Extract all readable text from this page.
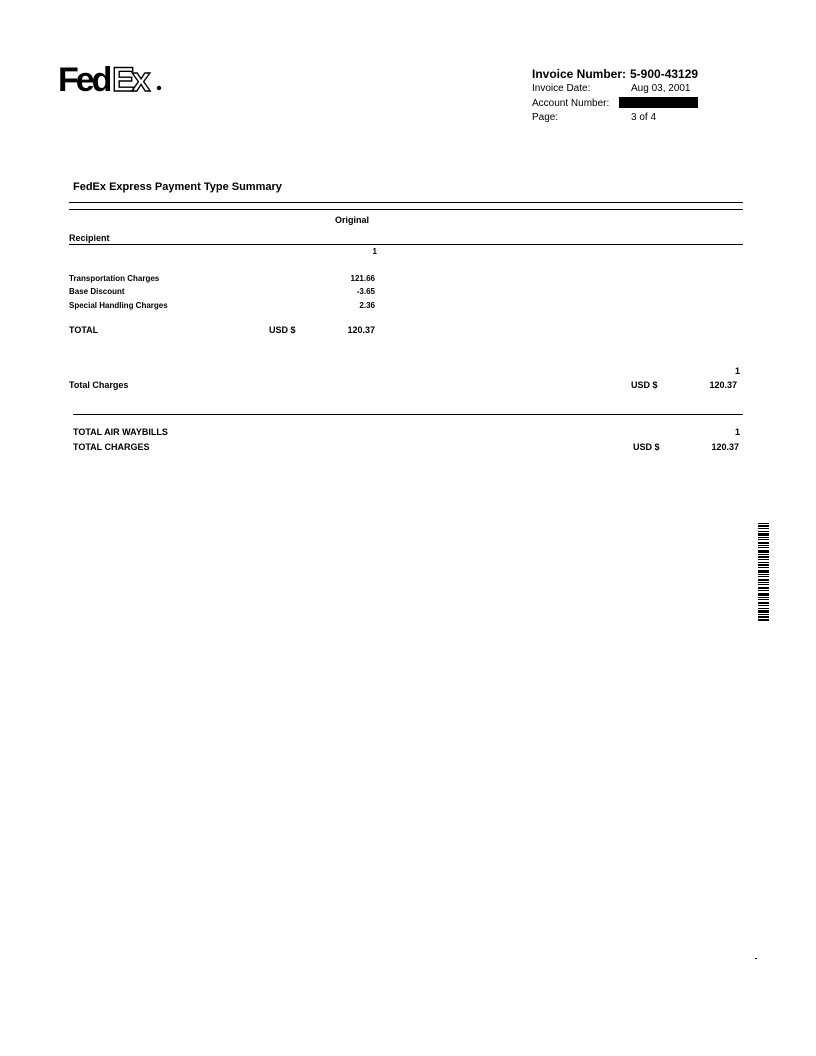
Fed Ex	Invoice Number: 5-900-43129
Invoice Date:	Aug 03, 2001
Account Number:
Page:	3 of 4
FedEx Express Payment Type Summary
Original
Recipient
1
Transportation Charges	121.66
Base Discount	-3.65
Special Handling Charges	2.36
TOTAL	USD $	120.37
1
Total Charges	USD $	120.37
TOTAL AIR WAYBILLS	1
TOTAL CHARGES	USD $	120.37
